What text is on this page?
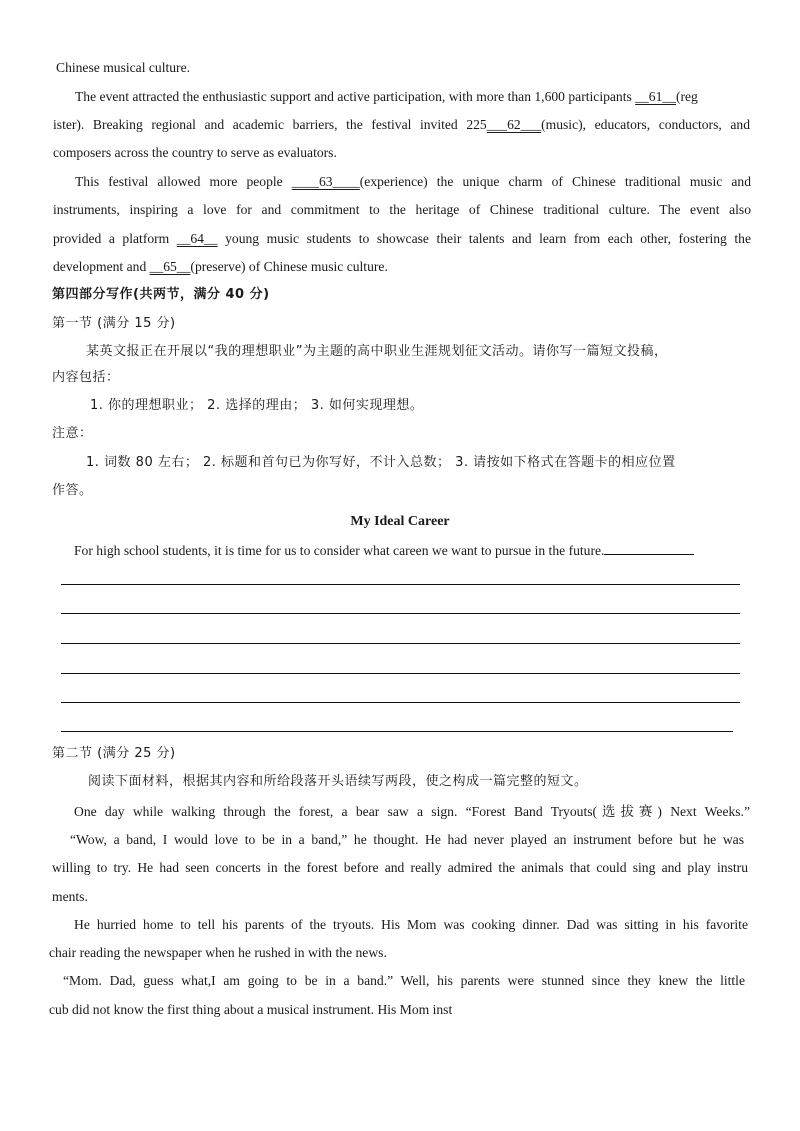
Chinese musical culture.
The event attracted the enthusiastic support and active participation, with more than 1,600 participants __61__(reg
ister). Breaking regional and academic barriers, the festival invited 225___62___(music), educators, conductors, and
composers across the country to serve as evaluators.
This festival allowed more people ____63____(experience) the unique charm of Chinese traditional music and
instruments, inspiring a love for and commitment to the heritage of Chinese traditional culture. The event also
provided a platform __64__ young music students to showcase their talents and learn from each other, fostering the
development and __65__(preserve) of Chinese music culture.
第四部分写作(共两节，满分 40 分)
第一节 (满分 15 分)
某英文报正在开展以“我的理想职业”为主题的高中职业生涯规划征文活动。请你写一篇短文投稿，
内容包括：
1. 你的理想职业； 2. 选择的理由； 3. 如何实现理想。
注意：
1. 词数 80 左右； 2. 标题和首句已为你写好，不计入总数； 3. 请按如下格式在答题卡的相应位置
作答。
My Ideal Career
For high school students, it is time for us to consider what careen we want to pursue in the future.
第二节 (满分 25 分)
阅读下面材料，根据其内容和所给段落开头语续写两段，使之构成一篇完整的短文。
One day while walking through the forest, a bear saw a sign. “Forest Band Tryouts(选拔赛) Next Weeks.”
“Wow, a band, I would love to be in a band,” he thought. He had never played an instrument before but he was
willing to try. He had seen concerts in the forest before and really admired the animals that could sing and play instru
ments.
He hurried home to tell his parents of the tryouts. His Mom was cooking dinner. Dad was sitting in his favorite
chair reading the newspaper when he rushed in with the news.
“Mom. Dad, guess what,I am going to be in a band.” Well, his parents were stunned since they knew the little
cub did not know the first thing about a musical instrument. His Mom inst
